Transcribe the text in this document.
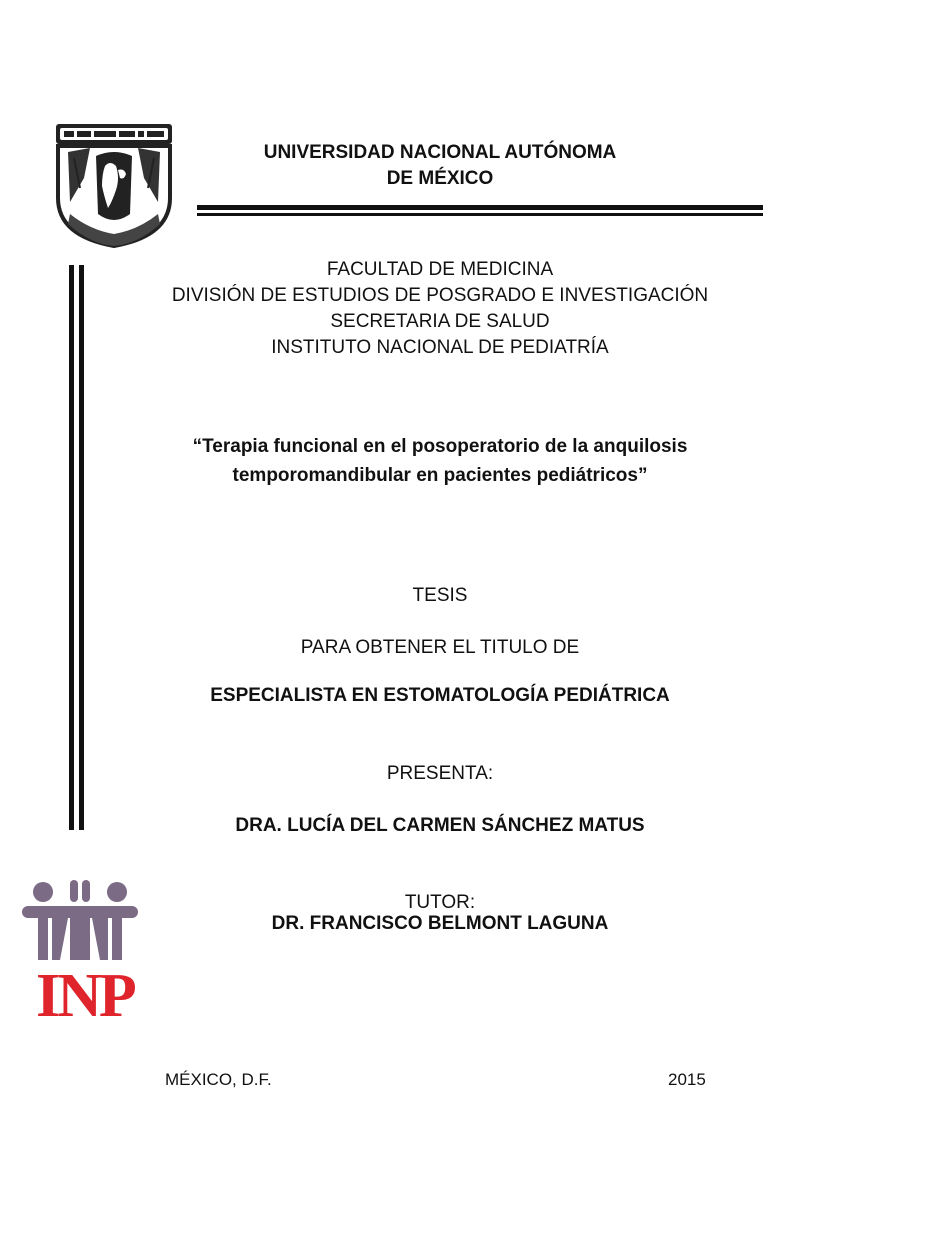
UNIVERSIDAD NACIONAL AUTÓNOMA
DE MÉXICO
FACULTAD DE MEDICINA
DIVISIÓN DE ESTUDIOS DE POSGRADO E INVESTIGACIÓN
SECRETARIA DE SALUD
INSTITUTO NACIONAL DE PEDIATRÍA
“Terapia funcional en el posoperatorio de la anquilosis
temporomandibular en pacientes pediátricos”
TESIS
PARA OBTENER EL TITULO DE
ESPECIALISTA EN ESTOMATOLOGÍA PEDIÁTRICA
PRESENTA:
DRA. LUCÍA DEL CARMEN SÁNCHEZ MATUS
TUTOR:
DR. FRANCISCO BELMONT LAGUNA
INP
MÉXICO, D.F.	2015
